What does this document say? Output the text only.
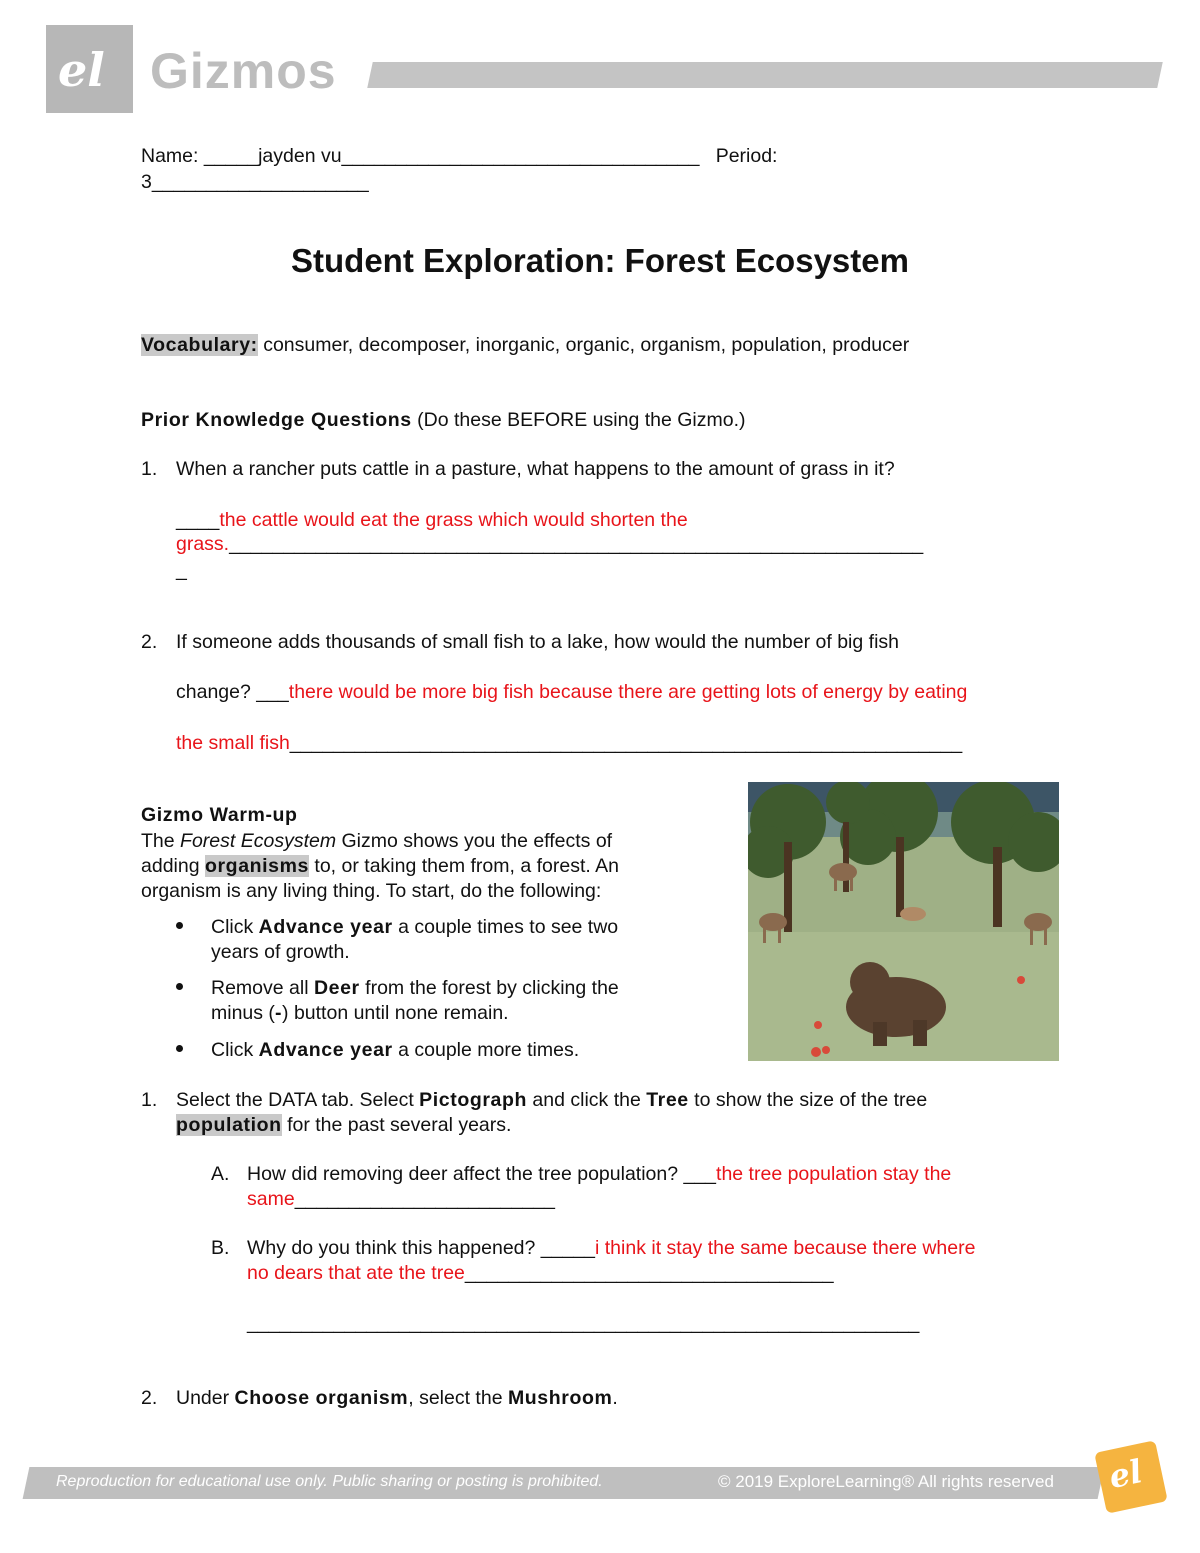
el Gizmos
Name: _____jayden vu_________________________________   Period:
3____________________
Student Exploration: Forest Ecosystem
Vocabulary: consumer, decomposer, inorganic, organic, organism, population, producer
Prior Knowledge Questions (Do these BEFORE using the Gizmo.)
1. When a rancher puts cattle in a pasture, what happens to the amount of grass in it?
____the cattle would eat the grass which would shorten the
grass.________________________________________________________________
_
2. If someone adds thousands of small fish to a lake, how would the number of big fish
change? ___there would be more big fish because there are getting lots of energy by eating
the small fish______________________________________________________________
Gizmo Warm-up
The Forest Ecosystem Gizmo shows you the effects of
adding organisms to, or taking them from, a forest. An
organism is any living thing. To start, do the following:
Click Advance year a couple times to see two
years of growth.
Remove all Deer from the forest by clicking the
minus (-) button until none remain.
Click Advance year a couple more times.
1. Select the DATA tab. Select Pictograph and click the Tree to show the size of the tree
population for the past several years.
A. How did removing deer affect the tree population? ___the tree population stay the
same________________________
B. Why do you think this happened? _____i think it stay the same because there where
no dears that ate the tree__________________________________
______________________________________________________________
2. Under Choose organism, select the Mushroom.
Reproduction for educational use only. Public sharing or posting is prohibited.	© 2019 ExploreLearning® All rights reserved el
